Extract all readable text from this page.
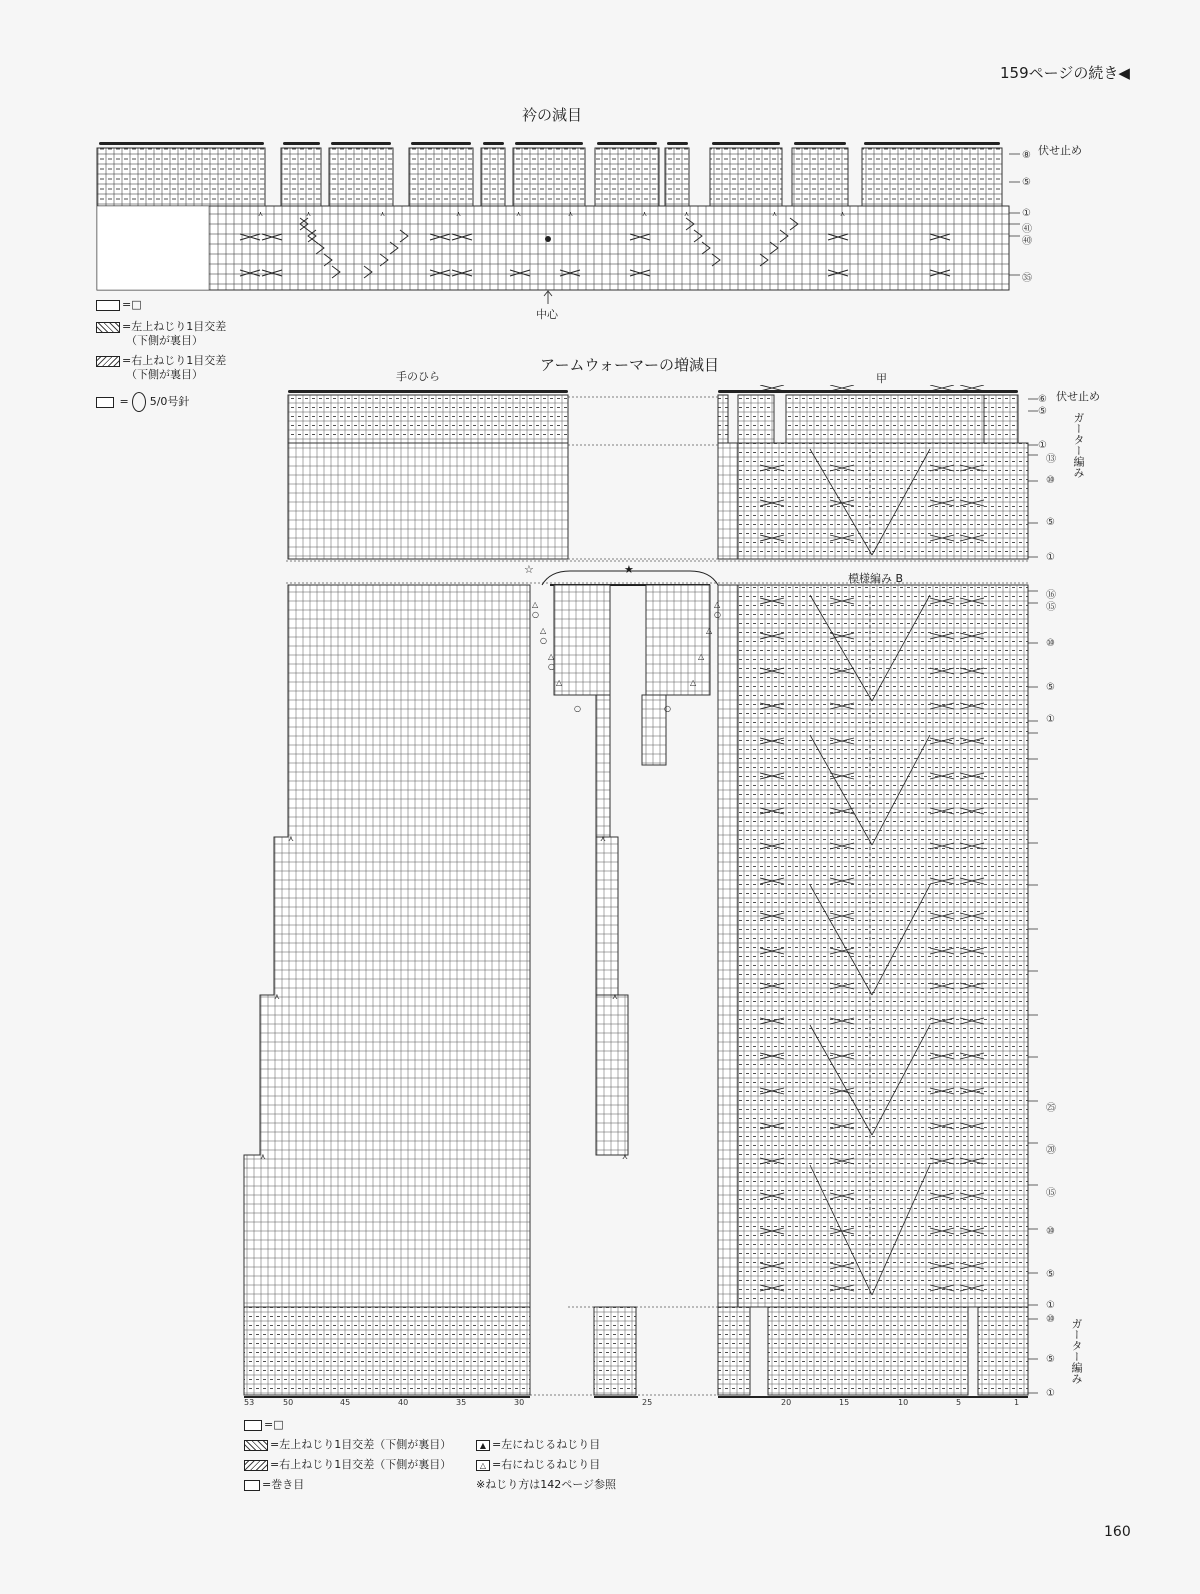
159ページの続き◀
衿の減目
⋏	⋏	⋏	⋏	⋏	⋏	⋏	⋏	⋏	⋏
伏せ止め
⑧
⑤
①
㊶
㊵
㉟
中心
=□
=左上ねじり1目交差
（下側が裏目）
=右上ねじり1目交差
（下側が裏目）
=  5/0号針
アームウォーマーの増減目
手のひら	甲
△
○
△
○
△
○
△
○
△
○
△
△
△
○
⋏
⋏
⋏
⋏
⋏
⋏
☆	★
模様編み B
伏せ止め
ガーター編み
⑥
⑤
①
⑬
⑩
⑤
①
⑯
⑮
⑩
⑤
①
㉕
⑳
⑮
⑩
⑤
①
⑩
⑤
①
ガーター編み
53	50	45	40	35	30	25	20	15	10	5	1
=□
=左上ねじり1目交差（下側が裏目）
=右上ねじり1目交差（下側が裏目）
=巻き目
▲ =左にねじるねじり目
△ =右にねじるねじり目
※ねじり方は142ページ参照
160
